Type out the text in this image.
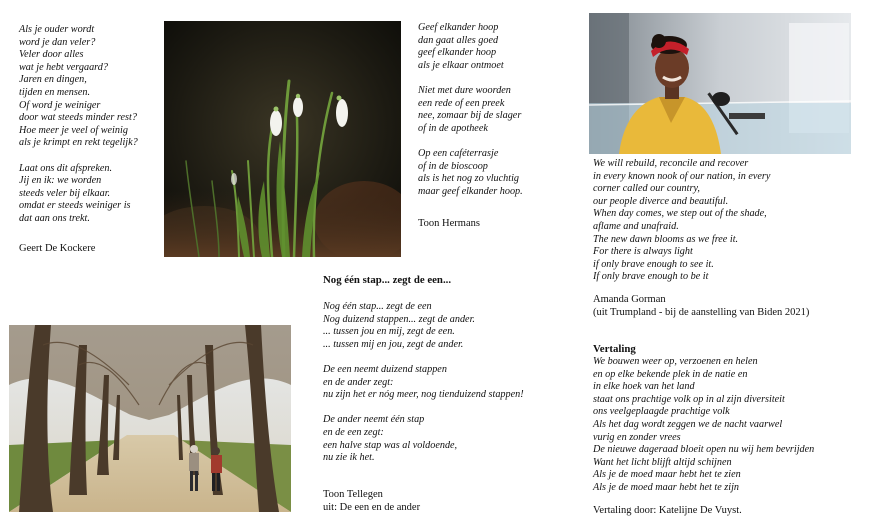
Als je ouder wordt
word je dan veler?
Veler door alles
wat je hebt vergaard?
Jaren en dingen,
tijden en mensen.
Of word je weiniger
door wat steeds minder rest?
Hoe meer je veel of weinig
als je krimpt en rekt tegelijk?

Laat ons dit afspreken.
Jij en ik: we worden
steeds veler bij elkaar.
omdat er steeds weiniger is
dat aan ons trekt.
Geert De Kockere
Geef elkander hoop
dan gaat alles goed
geef elkander hoop
als je elkaar ontmoet

Niet met dure woorden
een rede of een preek
nee, zomaar bij de slager
of in de apotheek

Op een caféterrasje
of in de bioscoop
als is het nog zo vluchtig
maar geef elkander hoop.
Toon Hermans
We will rebuild, reconcile and recover
in every known nook of our nation, in every
corner called our country,
our people diverce and beautiful.
When day comes, we step out of the shade,
aflame and unafraid.
The new dawn blooms as we free it.
For there is always light
if only brave enough to see it.
If only brave enough to be it
Amanda Gorman
(uit Trumpland - bij de aanstelling van Biden 2021)
Nog één stap... zegt de een...
Nog één stap... zegt de een
Nog duizend stappen... zegt de ander.
... tussen jou en mij, zegt de een.
... tussen mij en jou, zegt de ander.

De een neemt duizend stappen
en de ander zegt:
nu zijn het er nóg meer, nog tienduizend stappen!

De ander neemt één stap
en de een zegt:
een halve stap was al voldoende,
nu zie ik het.
Toon Tellegen
uit: De een en de ander
Vertaling
We bouwen weer op, verzoenen en helen
en op elke bekende plek in de natie en
in elke hoek van het land
staat ons prachtige volk op in al zijn diversiteit
ons veelgeplaagde prachtige volk
Als het dag wordt zeggen we de nacht vaarwel
vurig en zonder vrees
De nieuwe dageraad bloeit open nu wij hem bevrijden
Want het licht blijft altijd schijnen
Als je de moed maar hebt het te zien
Als je de moed maar hebt het te zijn
Vertaling door: Katelijne De Vuyst.
